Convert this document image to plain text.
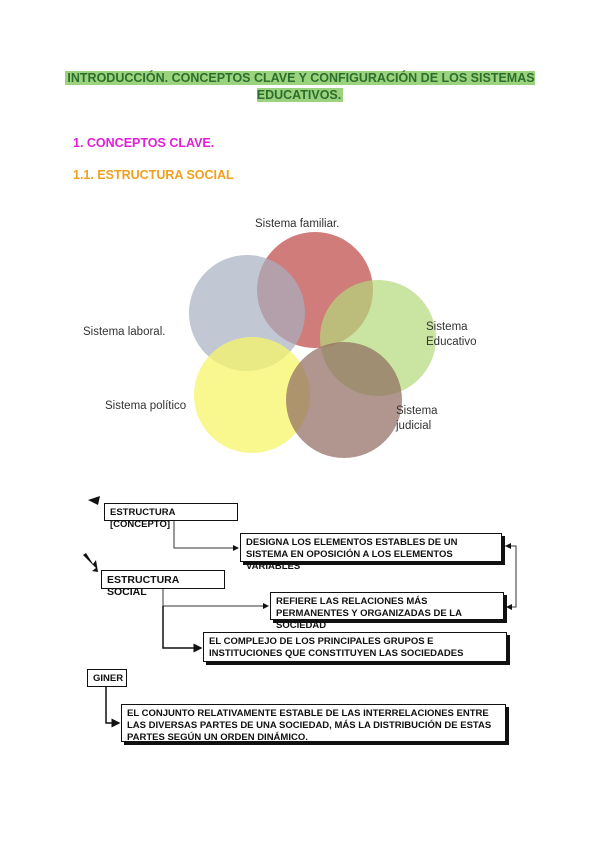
INTRODUCCIÓN. CONCEPTOS CLAVE Y CONFIGURACIÓN DE LOS SISTEMAS EDUCATIVOS.
1. CONCEPTOS CLAVE.
1.1. ESTRUCTURA SOCIAL
Sistema familiar.
Sistema laboral.	Sistema
Educativo
Sistema político	Sistema
judicial
ESTRUCTURA [CONCEPTO]
DESIGNA LOS ELEMENTOS ESTABLES DE UN SISTEMA EN OPOSICIÓN A LOS ELEMENTOS VARIABLES
ESTRUCTURA SOCIAL
REFIERE LAS RELACIONES MÁS PERMANENTES Y ORGANIZADAS DE LA SOCIEDAD
EL COMPLEJO DE LOS PRINCIPALES GRUPOS E INSTITUCIONES QUE CONSTITUYEN LAS SOCIEDADES
GINER
EL CONJUNTO RELATIVAMENTE ESTABLE DE LAS INTERRELACIONES ENTRE LAS DIVERSAS PARTES DE UNA SOCIEDAD, MÁS LA DISTRIBUCIÓN DE ESTAS PARTES SEGÚN UN ORDEN DINÁMICO.
